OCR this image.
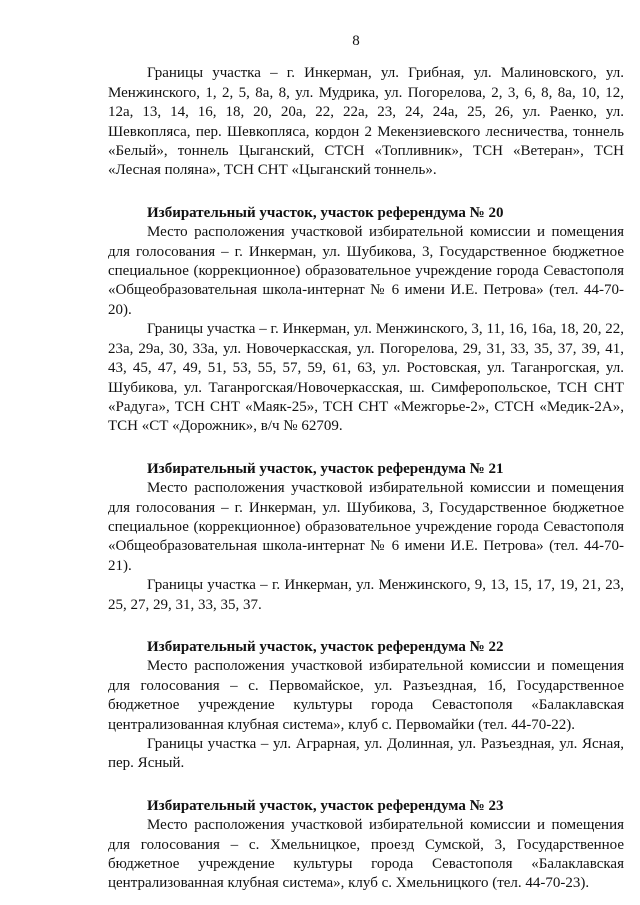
8

Границы участка – г. Инкерман, ул. Грибная, ул. Малиновского, ул. Менжинского, 1, 2, 5, 8а, 8, ул. Мудрика, ул. Погорелова, 2, 3, 6, 8, 8а, 10, 12, 12а, 13, 14, 16, 18, 20, 20а, 22, 22а, 23, 24, 24а, 25, 26, ул. Раенко, ул. Шевкопляса, пер. Шевкопляса, кордон 2 Мекензиевского лесничества, тоннель «Белый», тоннель Цыганский, СТСН «Топливник», ТСН «Ветеран», ТСН «Лесная поляна», ТСН СНТ «Цыганский тоннель».

Избирательный участок, участок референдума № 20

Место расположения участковой избирательной комиссии и помещения для голосования – г. Инкерман, ул. Шубикова, 3, Государственное бюджетное специальное (коррекционное) образовательное учреждение города Севастополя «Общеобразовательная школа-интернат № 6 имени И.Е. Петрова» (тел. 44-70-20).

Границы участка – г. Инкерман, ул. Менжинского, 3, 11, 16, 16а, 18, 20, 22, 23а, 29а, 30, 33а, ул. Новочеркасская, ул. Погорелова, 29, 31, 33, 35, 37, 39, 41, 43, 45, 47, 49, 51, 53, 55, 57, 59, 61, 63, ул. Ростовская, ул. Таганрогская, ул. Шубикова, ул. Таганрогская/Новочеркасская, ш. Симферопольское, ТСН СНТ «Радуга», ТСН СНТ «Маяк-25», ТСН СНТ «Межгорье-2», СТСН «Медик-2А», ТСН «СТ «Дорожник», в/ч № 62709.

Избирательный участок, участок референдума № 21

Место расположения участковой избирательной комиссии и помещения для голосования – г. Инкерман, ул. Шубикова, 3, Государственное бюджетное специальное (коррекционное) образовательное учреждение города Севастополя «Общеобразовательная школа-интернат № 6 имени И.Е. Петрова» (тел. 44-70-21).

Границы участка – г. Инкерман, ул. Менжинского, 9, 13, 15, 17, 19, 21, 23, 25, 27, 29, 31, 33, 35, 37.

Избирательный участок, участок референдума № 22

Место расположения участковой избирательной комиссии и помещения для голосования – с. Первомайское, ул. Разъездная, 1б, Государственное бюджетное учреждение культуры города Севастополя «Балаклавская централизованная клубная система», клуб с. Первомайки (тел. 44-70-22).

Границы участка – ул. Аграрная, ул. Долинная, ул. Разъездная, ул. Ясная, пер. Ясный.

Избирательный участок, участок референдума № 23

Место расположения участковой избирательной комиссии и помещения для голосования – с. Хмельницкое, проезд Сумской, 3, Государственное бюджетное учреждение культуры города Севастополя «Балаклавская централизованная клубная система», клуб с. Хмельницкого (тел. 44-70-23).
